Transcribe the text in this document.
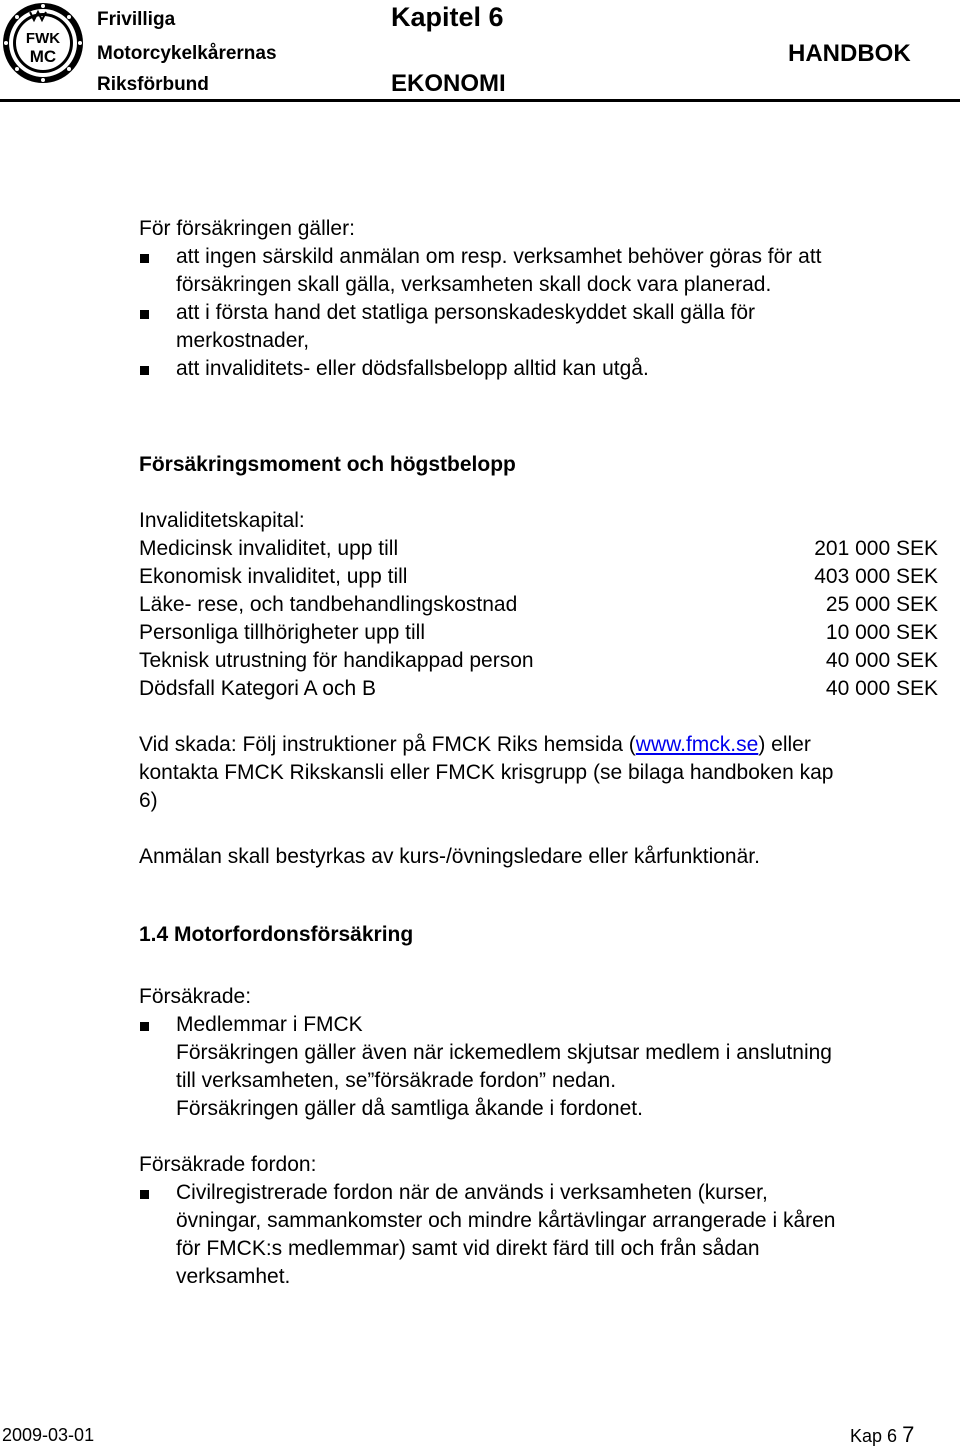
FWK
MC
Frivilliga
Motorcykelkårernas
Riksförbund
Kapitel 6
EKONOMI
HANDBOK
För försäkringen gäller:
att ingen särskild anmälan om resp. verksamhet behöver göras för att
försäkringen skall gälla, verksamheten skall dock vara planerad.
att i första hand det statliga personskadeskyddet skall gälla för
merkostnader,
att invaliditets- eller dödsfallsbelopp alltid kan utgå.
Försäkringsmoment och högstbelopp
Invaliditetskapital:
Medicinsk invaliditet, upp till	201 000 SEK
Ekonomisk invaliditet, upp till	403 000 SEK
Läke- rese, och tandbehandlingskostnad	25 000 SEK
Personliga tillhörigheter upp till	10 000 SEK
Teknisk utrustning för handikappad person	40 000 SEK
Dödsfall Kategori A och B	40 000 SEK
Vid skada: Följ instruktioner på FMCK Riks hemsida (www.fmck.se) eller
kontakta FMCK Rikskansli eller FMCK krisgrupp (se bilaga handboken kap
6)
Anmälan skall bestyrkas av kurs-/övningsledare eller kårfunktionär.
1.4 Motorfordonsförsäkring
Försäkrade:
Medlemmar i FMCK
Försäkringen gäller även när ickemedlem skjutsar medlem i anslutning
till verksamheten, se”försäkrade fordon” nedan.
Försäkringen gäller då samtliga åkande i fordonet.
Försäkrade fordon:
Civilregistrerade fordon när de används i verksamheten (kurser,
övningar, sammankomster och mindre kårtävlingar arrangerade i kåren
för FMCK:s medlemmar) samt vid direkt färd till och från sådan
verksamhet.
2009-03-01	Kap 6 7
